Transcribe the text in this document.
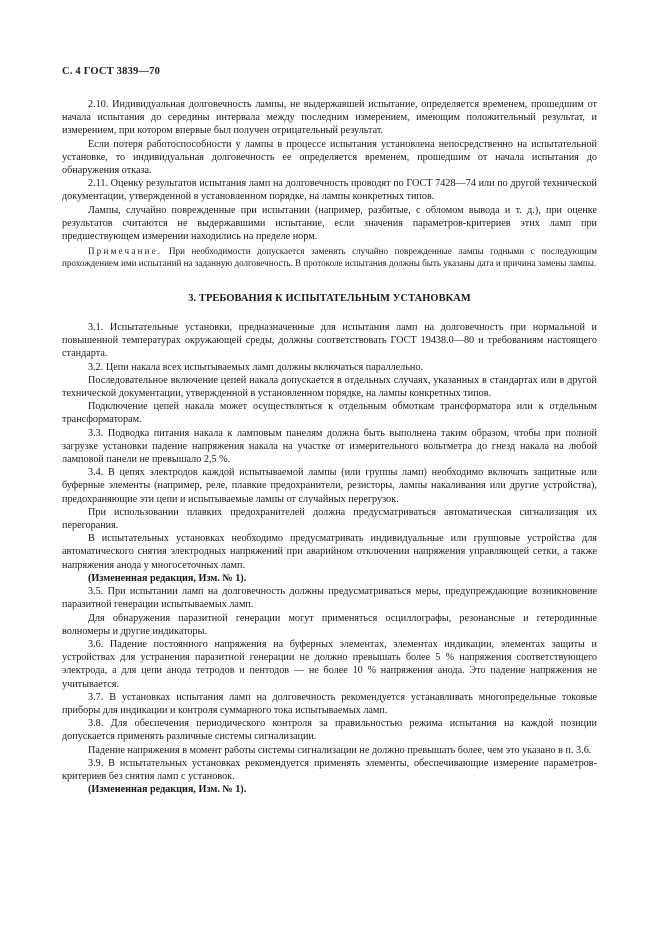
С. 4 ГОСТ 3839—70

2.10. Индивидуальная долговечность лампы, не выдержавшей испытание, определяется временем, прошедшим от начала испытания до середины интервала между последним измерением, имеющим положительный результат, и измерением, при котором впервые был получен отрицательный результат.

Если потеря работоспособности у лампы в процессе испытания установлена непосредственно на испытательной установке, то индивидуальная долговечность ее определяется временем, прошедшим от начала испытания до обнаружения отказа.

2.11. Оценку результатов испытания ламп на долговечность проводят по ГОСТ 7428—74 или по другой технической документации, утвержденной в установленном порядке, на лампы конкретных типов.

Лампы, случайно поврежденные при испытании (например, разбитые, с обломом вывода и т. д.), при оценке результатов считаются не выдержавшими испытание, если значения параметров-критериев этих ламп при предшествующем измерении находились на пределе норм.

Примечание. При необходимости допускается заменять случайно поврежденные лампы годными с последующим прохождением ими испытаний на заданную долговечность. В протоколе испытания должны быть указаны дата и причина замены лампы.

3. ТРЕБОВАНИЯ К ИСПЫТАТЕЛЬНЫМ УСТАНОВКАМ

3.1. Испытательные установки, предназначенные для испытания ламп на долговечность при нормальной и повышенной температурах окружающей среды, должны соответствовать ГОСТ 19438.0—80 и требованиям настоящего стандарта.

3.2. Цепи накала всех испытываемых ламп должны включаться параллельно.

Последовательное включение цепей накала допускается в отдельных случаях, указанных в стандартах или в другой технической документации, утвержденной в установленном порядке, на лампы конкретных типов.

Подключение цепей накала может осуществляться к отдельным обмоткам трансформатора или к отдельным трансформаторам.

3.3. Подводка питания накала к ламповым панелям должна быть выполнена таким образом, чтобы при полной загрузке установки падение напряжения накала на участке от измерительного вольтметра до гнезд накала на любой ламповой панели не превышало 2,5 %.

3.4. В цепях электродов каждой испытываемой лампы (или группы ламп) необходимо включать защитные или буферные элементы (например, реле, плавкие предохранители, резисторы, лампы накаливания или другие устройства), предохраняющие эти цепи и испытываемые лампы от случайных перегрузок.

При использовании плавких предохранителей должна предусматриваться автоматическая сигнализация их перегорания.

В испытательных установках необходимо предусматривать индивидуальные или групповые устройства для автоматического снятия электродных напряжений при аварийном отключении напряжения управляющей сетки, а также напряжения анода у многосеточных ламп.

(Измененная редакция, Изм. № 1).

3.5. При испытании ламп на долговечность должны предусматриваться меры, предупреждающие возникновение паразитной генерации испытываемых ламп.

Для обнаружения паразитной генерации могут применяться осциллографы, резонансные и гетеродинные волномеры и другие индикаторы.

3.6. Падение постоянного напряжения на буферных элементах, элементах индикации, элементах защиты и устройствах для устранения паразитной генерации не должно превышать более 5 % напряжения соответствующего электрода, а для цепи анода тетродов и пентодов — не более 10 % напряжения анода. Это падение напряжения не учитывается.

3.7. В установках испытания ламп на долговечность рекомендуется устанавливать многопредельные токовые приборы для индикации и контроля суммарного тока испытываемых ламп.

3.8. Для обеспечения периодического контроля за правильностью режима испытания на каждой позиции допускается применять различные системы сигнализации.

Падение напряжения в момент работы системы сигнализации не должно превышать более, чем это указано в п. 3.6.

3.9. В испытательных установках рекомендуется применять элементы, обеспечивающие измерение параметров-критериев без снятия ламп с установок.

(Измененная редакция, Изм. № 1).
